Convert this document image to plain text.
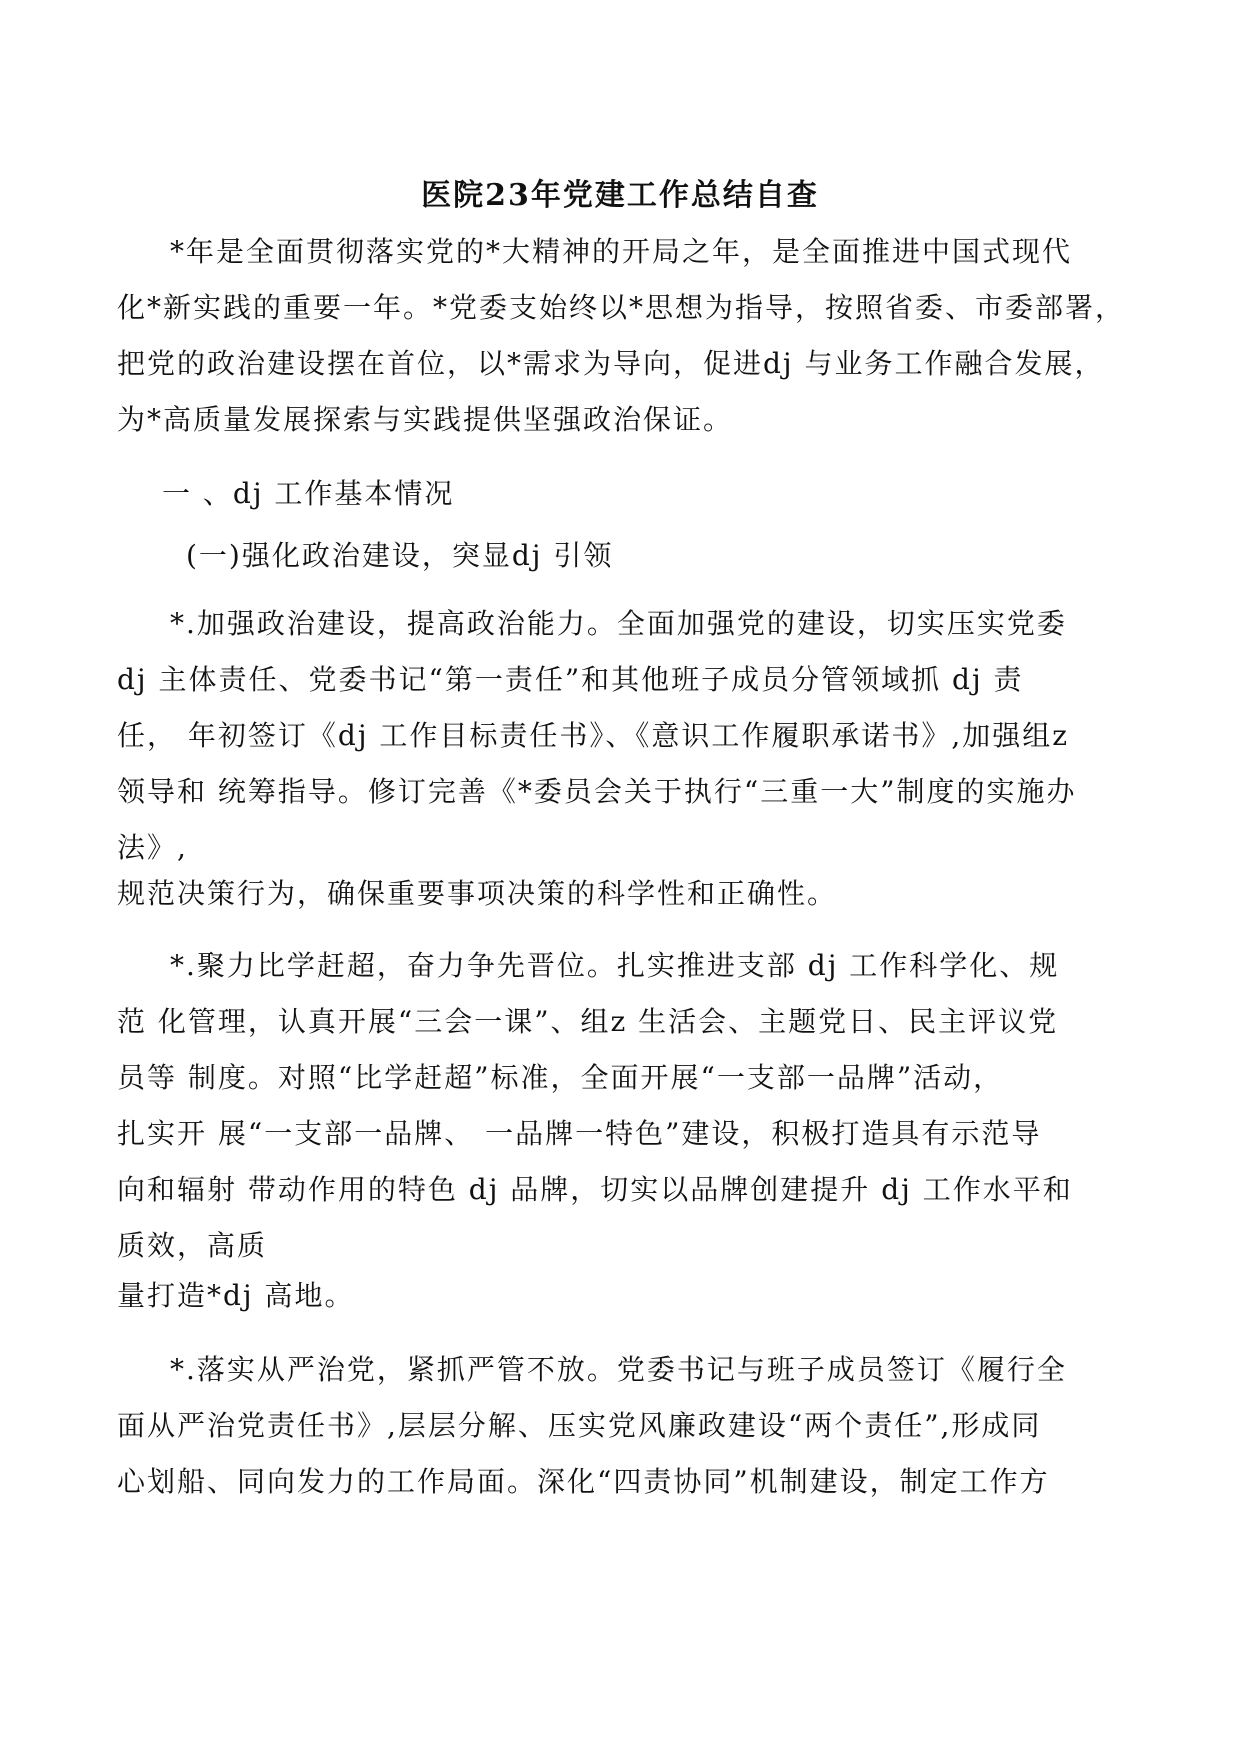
医院23年党建工作总结自查

*年是全面贯彻落实党的*大精神的开局之年，是全面推进中国式现代

化*新实践的重要一年。*党委支始终以*思想为指导，按照省委、市委部署，

把党的政治建设摆在首位，以*需求为导向，促进dj 与业务工作融合发展，

为*高质量发展探索与实践提供坚强政治保证。

一 、dj 工作基本情况

(一)强化政治建设，突显dj 引领

*.加强政治建设，提高政治能力。全面加强党的建设，切实压实党委

dj 主体责任、党委书记“第一责任”和其他班子成员分管领域抓 dj 责

任， 年初签订《dj 工作目标责任书》、《意识工作履职承诺书》,加强组z

领导和 统筹指导。修订完善《*委员会关于执行“三重一大”制度的实施办

法》,

规范决策行为，确保重要事项决策的科学性和正确性。

*.聚力比学赶超，奋力争先晋位。扎实推进支部 dj 工作科学化、规

范 化管理，认真开展“三会一课”、组z 生活会、主题党日、民主评议党

员等 制度。对照“比学赶超”标准，全面开展“一支部一品牌”活动，

扎实开 展“一支部一品牌、 一品牌一特色”建设，积极打造具有示范导

向和辐射 带动作用的特色 dj 品牌，切实以品牌创建提升 dj 工作水平和

质效，高质

量打造*dj 高地。

*.落实从严治党，紧抓严管不放。党委书记与班子成员签订《履行全

面从严治党责任书》,层层分解、压实党风廉政建设“两个责任”,形成同

心划船、同向发力的工作局面。深化“四责协同”机制建设，制定工作方
